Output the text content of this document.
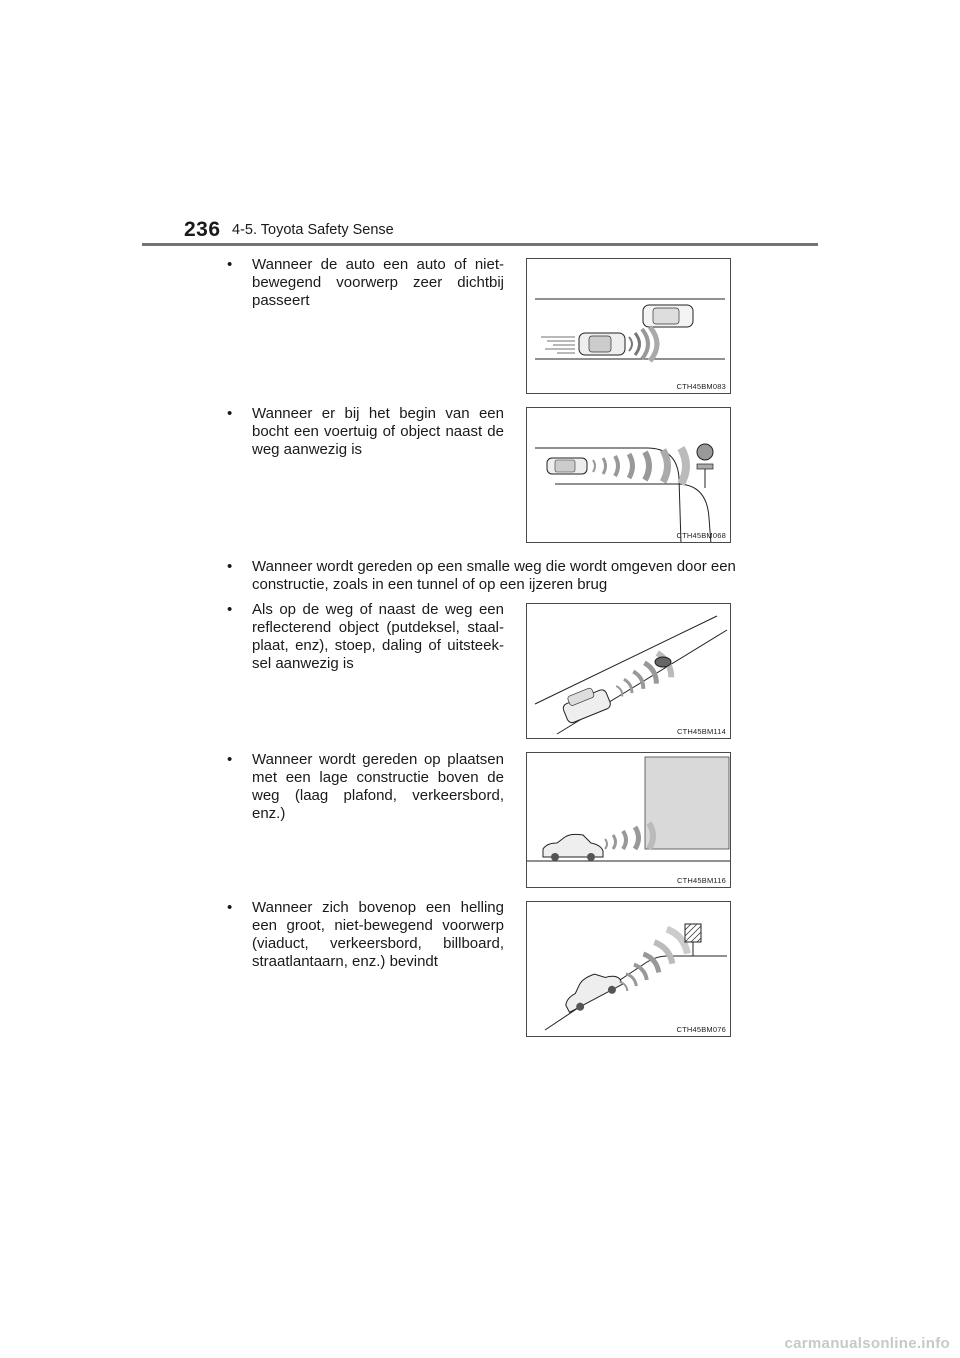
236 4-5. Toyota Safety Sense
• Wanneer de auto een auto of niet-
bewegend voorwerp zeer dichtbij
passeert
CTH45BM083
• Wanneer er bij het begin van een
bocht een voertuig of object naast de
weg aanwezig is
CTH45BM068
• Wanneer wordt gereden op een smalle weg die wordt omgeven door een
constructie, zoals in een tunnel of op een ijzeren brug
• Als op de weg of naast de weg een
reflecterend object (putdeksel, staal-
plaat, enz), stoep, daling of uitsteek-
sel aanwezig is
CTH45BM114
• Wanneer wordt gereden op plaatsen
met een lage constructie boven de
weg (laag plafond, verkeersbord,
enz.)
CTH45BM116
• Wanneer zich bovenop een helling
een groot, niet-bewegend voorwerp
(viaduct, verkeersbord, billboard,
straatlantaarn, enz.) bevindt
CTH45BM076
carmanualsonline.info
